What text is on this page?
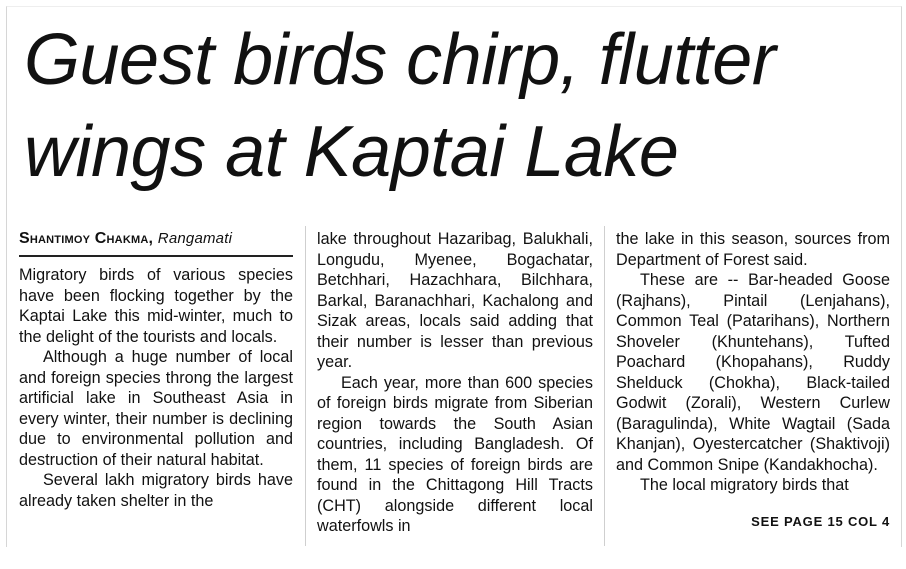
Guest birds chirp, flutter
wings at Kaptai Lake
Shantimoy Chakma, Rangamati

Migratory birds of various species have been flocking together by the Kaptai Lake this mid-winter, much to the delight of the tourists and locals.

Although a huge number of local and foreign species throng the largest artificial lake in Southeast Asia in every winter, their number is declining due to environmental pollution and destruction of their natural habitat.

Several lakh migratory birds have already taken shelter in the

lake throughout Hazaribag, Balukhali, Longudu, Myenee, Bogachatar, Betchhari, Hazachhara, Bilchhara, Barkal, Baranachhari, Kachalong and Sizak areas, locals said adding that their number is lesser than previous year.

Each year, more than 600 species of foreign birds migrate from Siberian region towards the South Asian countries, including Bangladesh. Of them, 11 species of foreign birds are found in the Chittagong Hill Tracts (CHT) alongside different local waterfowls in

the lake in this season, sources from Department of Forest said.

These are -- Bar-headed Goose (Rajhans), Pintail (Lenjahans), Common Teal (Patarihans), Northern Shoveler (Khuntehans), Tufted Poachard (Khopahans), Ruddy Shelduck (Chokha), Black-tailed Godwit (Zorali), Western Curlew (Baragulinda), White Wagtail (Sada Khanjan), Oyestercatcher (Shaktivoji) and Common Snipe (Kandakhocha).

The local migratory birds that

SEE PAGE 15 COL 4
